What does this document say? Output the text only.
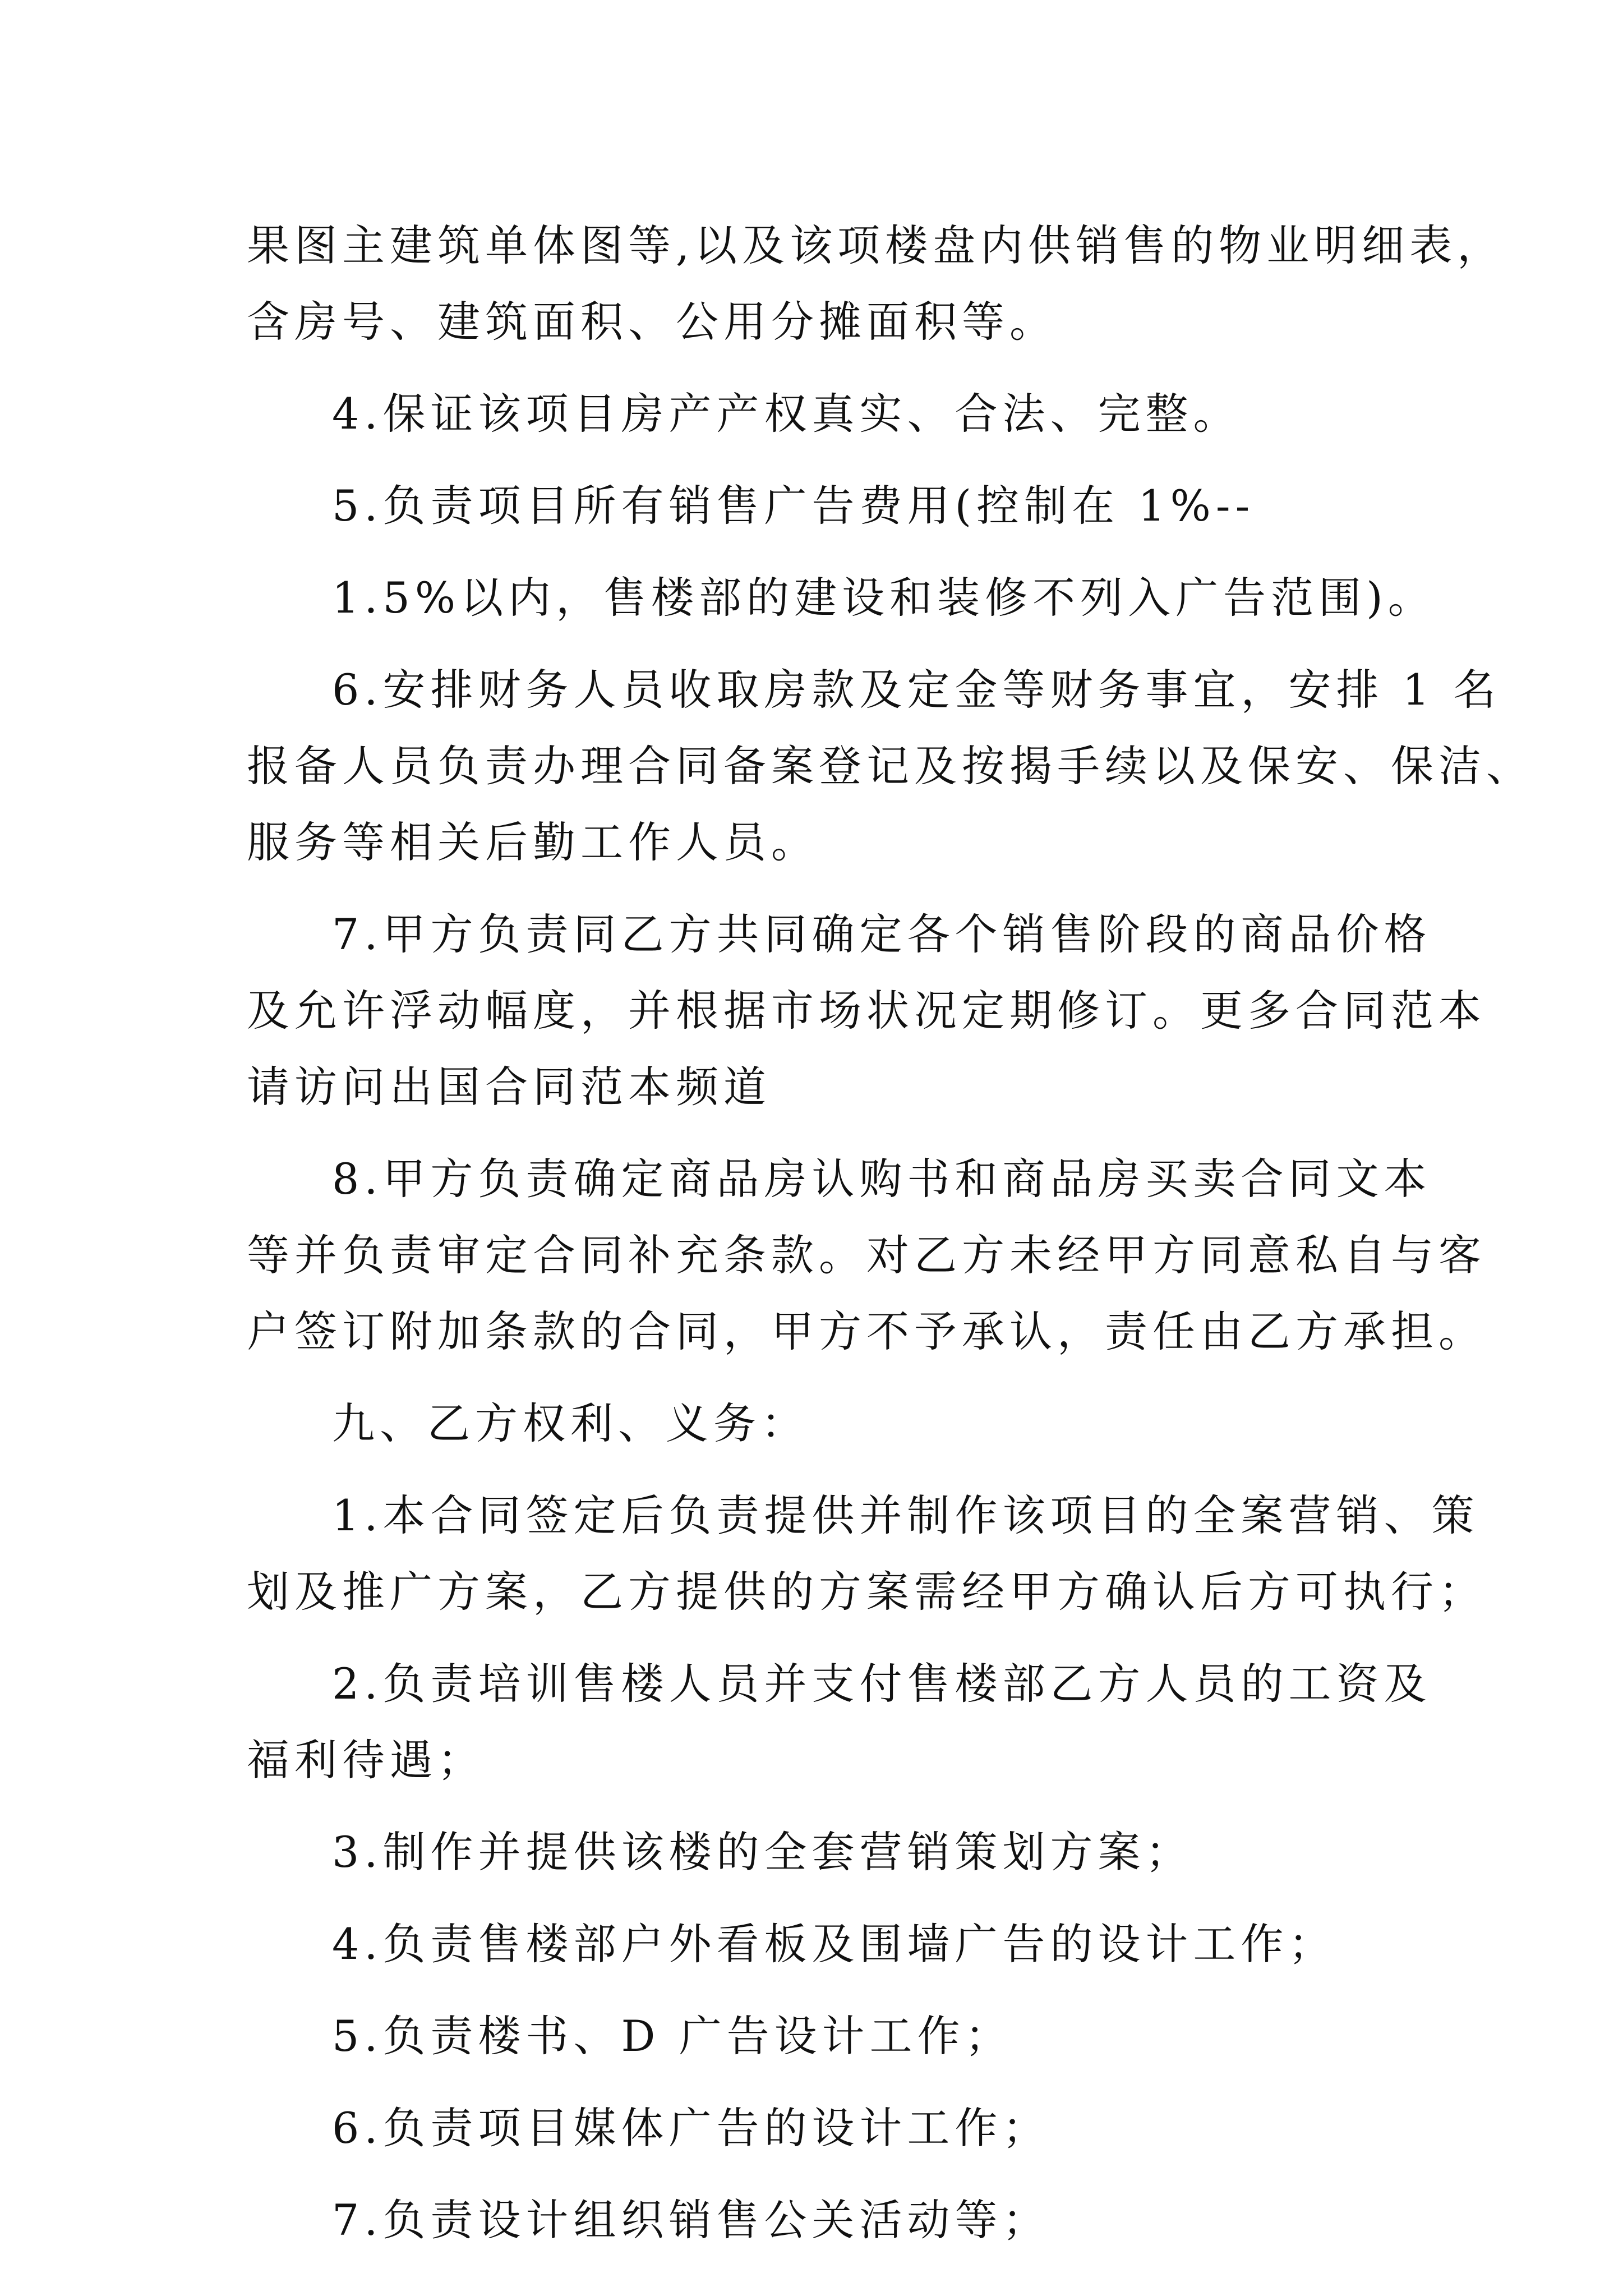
果图主建筑单体图等,以及该项楼盘内供销售的物业明细表，
含房号、建筑面积、公用分摊面积等。
4.保证该项目房产产权真实、合法、完整。
5.负责项目所有销售广告费用(控制在 1%--
1.5%以内，售楼部的建设和装修不列入广告范围)。
6.安排财务人员收取房款及定金等财务事宜，安排 1 名
报备人员负责办理合同备案登记及按揭手续以及保安、保洁、
服务等相关后勤工作人员。
7.甲方负责同乙方共同确定各个销售阶段的商品价格
及允许浮动幅度，并根据市场状况定期修订。更多合同范本
请访问出国合同范本频道
8.甲方负责确定商品房认购书和商品房买卖合同文本
等并负责审定合同补充条款。对乙方未经甲方同意私自与客
户签订附加条款的合同，甲方不予承认，责任由乙方承担。
九、乙方权利、义务：
1.本合同签定后负责提供并制作该项目的全案营销、策
划及推广方案，乙方提供的方案需经甲方确认后方可执行；
2.负责培训售楼人员并支付售楼部乙方人员的工资及
福利待遇；
3.制作并提供该楼的全套营销策划方案；
4.负责售楼部户外看板及围墙广告的设计工作；
5.负责楼书、D 广告设计工作；
6.负责项目媒体广告的设计工作；
7.负责设计组织销售公关活动等；
